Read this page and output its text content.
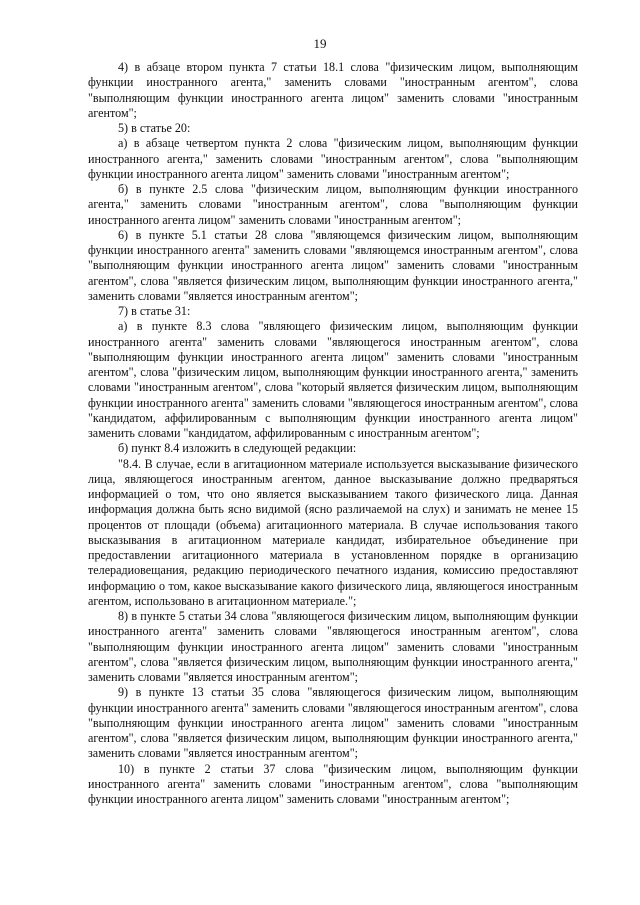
19

4) в абзаце втором пункта 7 статьи 18.1 слова "физическим лицом, выполняющим функции иностранного агента," заменить словами "иностранным агентом", слова "выполняющим функции иностранного агента лицом" заменить словами "иностранным агентом";

5) в статье 20:

а) в абзаце четвертом пункта 2 слова "физическим лицом, выполняющим функции иностранного агента," заменить словами "иностранным агентом", слова "выполняющим функции иностранного агента лицом" заменить словами "иностранным агентом";

б) в пункте 2.5 слова "физическим лицом, выполняющим функции иностранного агента," заменить словами "иностранным агентом", слова "выполняющим функции иностранного агента лицом" заменить словами "иностранным агентом";

6) в пункте 5.1 статьи 28 слова "являющемся физическим лицом, выполняющим функции иностранного агента" заменить словами "являющемся иностранным агентом", слова "выполняющим функции иностранного агента лицом" заменить словами "иностранным агентом", слова "является физическим лицом, выполняющим функции иностранного агента," заменить словами "является иностранным агентом";

7) в статье 31:

а) в пункте 8.3 слова "являющего физическим лицом, выполняющим функции иностранного агента" заменить словами "являющегося иностранным агентом", слова "выполняющим функции иностранного агента лицом" заменить словами "иностранным агентом", слова "физическим лицом, выполняющим функции иностранного агента," заменить словами "иностранным агентом", слова "который является физическим лицом, выполняющим функции иностранного агента" заменить словами "являющегося иностранным агентом", слова "кандидатом, аффилированным с выполняющим функции иностранного агента лицом" заменить словами "кандидатом, аффилированным с иностранным агентом";

б) пункт 8.4 изложить в следующей редакции:

"8.4. В случае, если в агитационном материале используется высказывание физического лица, являющегося иностранным агентом, данное высказывание должно предваряться информацией о том, что оно является высказыванием такого физического лица. Данная информация должна быть ясно видимой (ясно различаемой на слух) и занимать не менее 15 процентов от площади (объема) агитационного материала. В случае использования такого высказывания в агитационном материале кандидат, избирательное объединение при предоставлении агитационного материала в установленном порядке в организацию телерадиовещания, редакцию периодического печатного издания, комиссию предоставляют информацию о том, какое высказывание какого физического лица, являющегося иностранным агентом, использовано в агитационном материале.";

8) в пункте 5 статьи 34 слова "являющегося физическим лицом, выполняющим функции иностранного агента" заменить словами "являющегося иностранным агентом", слова "выполняющим функции иностранного агента лицом" заменить словами "иностранным агентом", слова "является физическим лицом, выполняющим функции иностранного агента," заменить словами "является иностранным агентом";

9) в пункте 13 статьи 35 слова "являющегося физическим лицом, выполняющим функции иностранного агента" заменить словами "являющегося иностранным агентом", слова "выполняющим функции иностранного агента лицом" заменить словами "иностранным агентом", слова "является физическим лицом, выполняющим функции иностранного агента," заменить словами "является иностранным агентом";

10) в пункте 2 статьи 37 слова "физическим лицом, выполняющим функции иностранного агента" заменить словами "иностранным агентом", слова "выполняющим функции иностранного агента лицом" заменить словами "иностранным агентом";
